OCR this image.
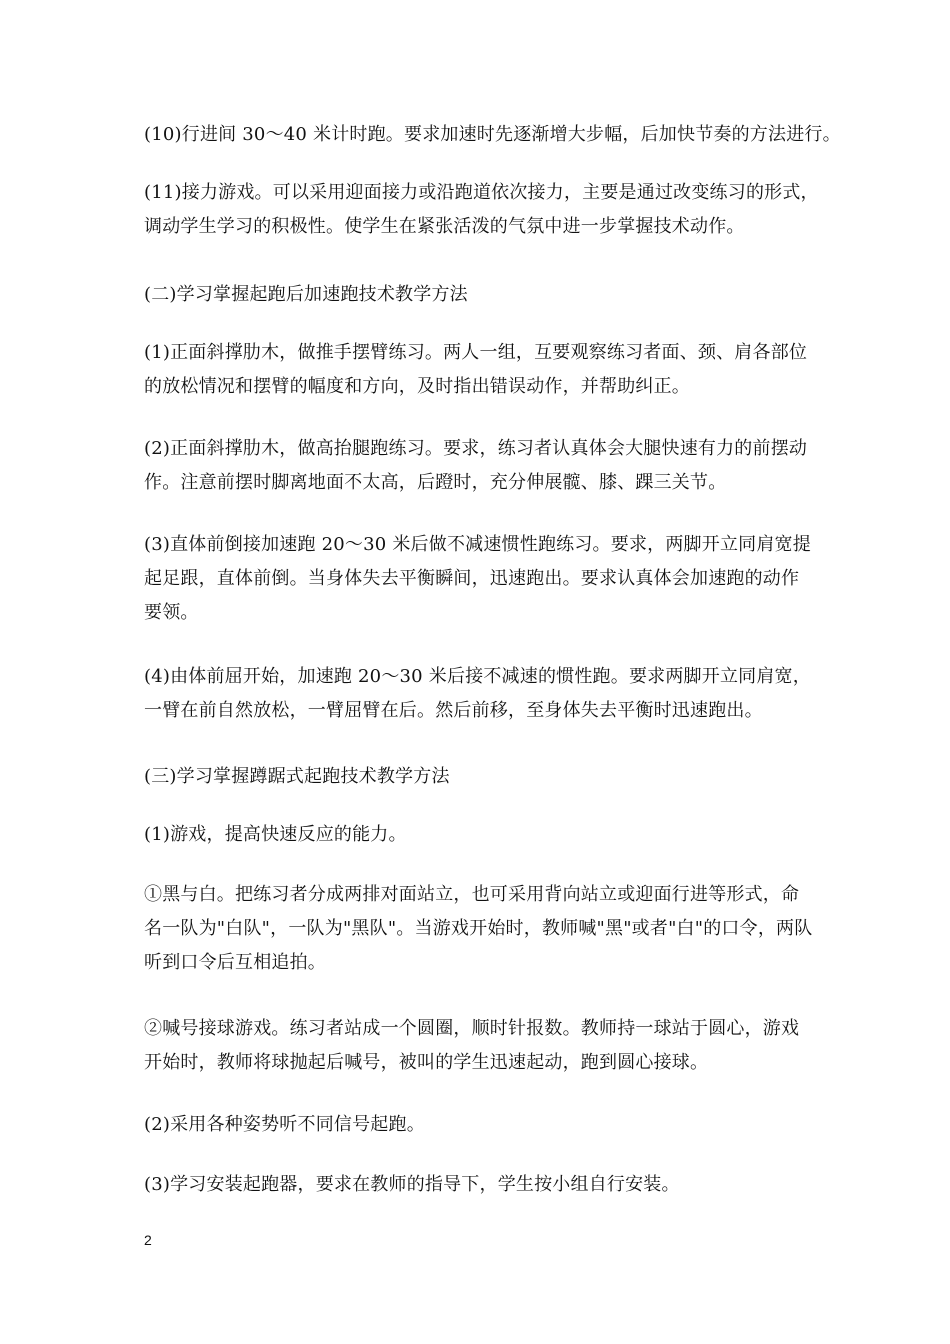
(10)行进间 30～40 米计时跑。要求加速时先逐渐增大步幅，后加快节奏的方法进行。

(11)接力游戏。可以采用迎面接力或沿跑道依次接力，主要是通过改变练习的形式，
调动学生学习的积极性。使学生在紧张活泼的气氛中进一步掌握技术动作。

(二)学习掌握起跑后加速跑技术教学方法

(1)正面斜撑肋木，做推手摆臂练习。两人一组，互要观察练习者面、颈、肩各部位
的放松情况和摆臂的幅度和方向，及时指出错误动作，并帮助纠正。

(2)正面斜撑肋木，做高抬腿跑练习。要求，练习者认真体会大腿快速有力的前摆动
作。注意前摆时脚离地面不太高，后蹬时，充分伸展髋、膝、踝三关节。

(3)直体前倒接加速跑 20～30 米后做不减速惯性跑练习。要求，两脚开立同肩宽提
起足跟，直体前倒。当身体失去平衡瞬间，迅速跑出。要求认真体会加速跑的动作
要领。

(4)由体前屈开始，加速跑 20～30 米后接不减速的惯性跑。要求两脚开立同肩宽，
一臂在前自然放松，一臂屈臂在后。然后前移，至身体失去平衡时迅速跑出。

(三)学习掌握蹲踞式起跑技术教学方法

(1)游戏，提高快速反应的能力。

①黑与白。把练习者分成两排对面站立，也可采用背向站立或迎面行进等形式，命
名一队为"白队"，一队为"黑队"。当游戏开始时，教师喊"黑"或者"白"的口令，两队
听到口令后互相追拍。

②喊号接球游戏。练习者站成一个圆圈，顺时针报数。教师持一球站于圆心，游戏
开始时，教师将球抛起后喊号，被叫的学生迅速起动，跑到圆心接球。

(2)采用各种姿势听不同信号起跑。

(3)学习安装起跑器，要求在教师的指导下，学生按小组自行安装。

2
